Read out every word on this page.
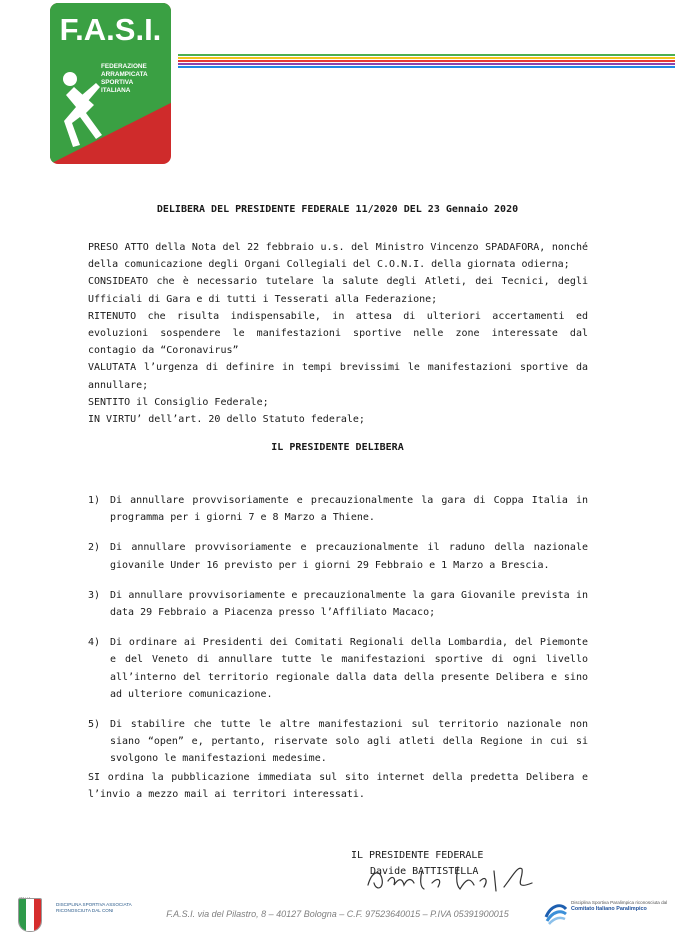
F.A.S.I.
FEDERAZIONE
ARRAMPICATA
SPORTIVA
ITALIANA
DELIBERA DEL PRESIDENTE FEDERALE 11/2020 DEL 23 Gennaio 2020

PRESO ATTO della Nota del 22 febbraio u.s. del Ministro Vincenzo SPADAFORA, nonché della comunicazione degli Organi Collegiali del C.O.N.I. della giornata odierna;

CONSIDEATO che è necessario tutelare la salute degli Atleti, dei Tecnici, degli Ufficiali di Gara e di tutti i Tesserati alla Federazione;

RITENUTO che risulta indispensabile, in attesa di ulteriori accertamenti ed evoluzioni sospendere le manifestazioni sportive nelle zone interessate dal contagio da “Coronavirus”

VALUTATA l’urgenza di definire in tempi brevissimi le manifestazioni sportive da annullare;

SENTITO il Consiglio Federale;

IN VIRTU’ dell’art. 20 dello Statuto federale;

IL PRESIDENTE DELIBERA
1) Di annullare provvisoriamente e precauzionalmente la gara di Coppa Italia in programma per i giorni 7 e 8 Marzo a Thiene.
2) Di annullare provvisoriamente e precauzionalmente il raduno della nazionale giovanile Under 16 previsto per i giorni 29 Febbraio e 1 Marzo a Brescia.
3) Di annullare provvisoriamente e precauzionalmente la gara Giovanile prevista in data 29 Febbraio a Piacenza presso l’Affiliato Macaco;
4) Di ordinare ai Presidenti dei Comitati Regionali della Lombardia, del Piemonte e del Veneto di annullare tutte le manifestazioni sportive di ogni livello all’interno del territorio regionale dalla data della presente Delibera e sino ad ulteriore comunicazione.
5) Di stabilire che tutte le altre manifestazioni sul territorio nazionale non siano “open” e, pertanto, riservate solo agli atleti della Regione in cui si svolgono le manifestazioni medesime.

SI ordina la pubblicazione immediata sul sito internet della predetta Delibera e l’invio a mezzo mail ai territori interessati.

IL PRESIDENTE FEDERALE
Davide BATTISTELLA
DISCIPLINA SPORTIVA ASSOCIATA RICONOSCIUTA DAL CONI	F.A.S.I. via del Pilastro, 8 – 40127 Bologna – C.F. 97523640015 – P.IVA 05391900015
Disciplina Sportiva Paralimpica riconosciuta dal
Comitato Italiano Paralimpico
